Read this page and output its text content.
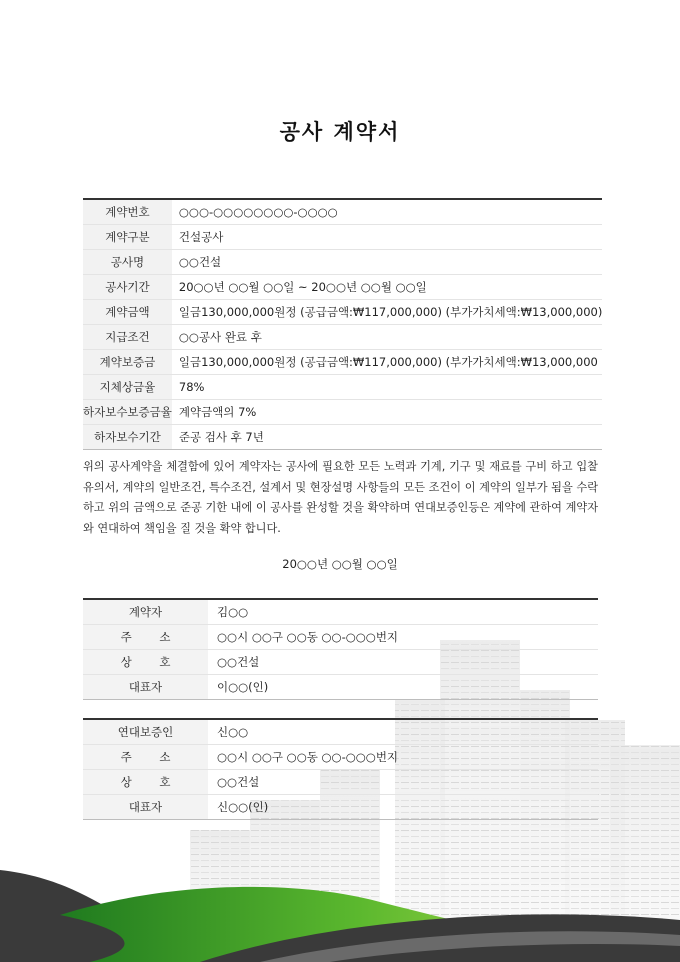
공사 계약서
계약번호	○○○-○○○○○○○○-○○○○
계약구분	건설공사
공사명	○○건설
공사기간	20○○년 ○○월 ○○일 ~ 20○○년 ○○월 ○○일
계약금액	일금130,000,000원정 (공급금액:₩117,000,000) (부가가치세액:₩13,000,000)
지급조건	○○공사 완료 후
계약보증금	일금130,000,000원정 (공급금액:₩117,000,000) (부가가치세액:₩13,000,000
지체상금율	78%
하자보수보증금율	계약금액의 7%
하자보수기간	준공 검사 후 7년
위의 공사계약을 체결함에 있어 계약자는 공사에 필요한 모든 노력과 기계, 기구 및 재료를 구비 하고 입찰유의서, 계약의 일반조건, 특수조건, 설계서 및 현장설명 사항들의 모든 조건이 이 계약의 일부가 됨을 수락하고 위의 금액으로 준공 기한 내에 이 공사를 완성할 것을 확약하며 연대보증인등은 계약에 관하여 계약자와 연대하여 책임을 질 것을 확약 합니다.
20○○년 ○○월 ○○일
계약자	김○○
주 소	○○시 ○○구 ○○동 ○○-○○○번지
상 호	○○건설
대표자	이○○(인)
연대보증인	신○○
주 소	○○시 ○○구 ○○동 ○○-○○○번지
상 호	○○건설
대표자	신○○(인)
